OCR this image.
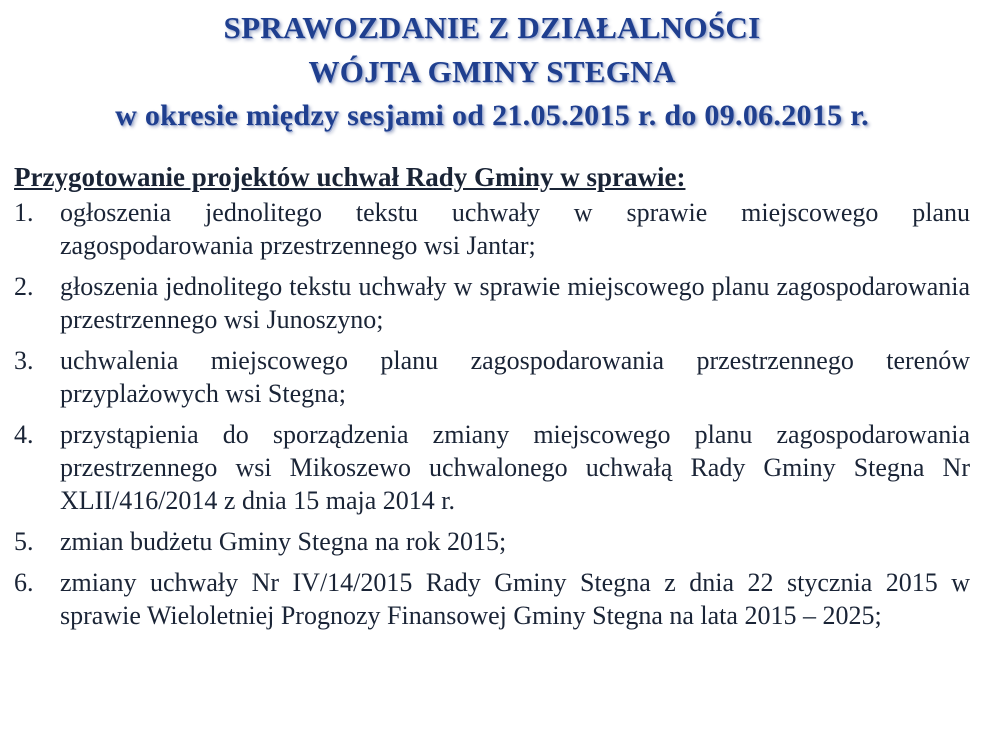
SPRAWOZDANIE Z DZIAŁALNOŚCI
WÓJTA GMINY STEGNA
w okresie między sesjami od 21.05.2015 r. do 09.06.2015 r.
Przygotowanie projektów uchwał Rady Gminy w sprawie:
1. ogłoszenia jednolitego tekstu uchwały w sprawie miejscowego planu zagospodarowania przestrzennego wsi Jantar;
2. głoszenia jednolitego tekstu uchwały w sprawie miejscowego planu zagospodarowania przestrzennego wsi Junoszyno;
3. uchwalenia miejscowego planu zagospodarowania przestrzennego terenów przyplażowych wsi Stegna;
4. przystąpienia do sporządzenia zmiany miejscowego planu zagospodarowania przestrzennego wsi Mikoszewo uchwalonego uchwałą Rady Gminy Stegna Nr XLII/416/2014 z dnia 15 maja 2014 r.
5. zmian budżetu Gminy Stegna na rok 2015;
6. zmiany uchwały Nr IV/14/2015 Rady Gminy Stegna z dnia 22 stycznia 2015 w sprawie Wieloletniej Prognozy Finansowej Gminy Stegna na lata 2015 – 2025;
